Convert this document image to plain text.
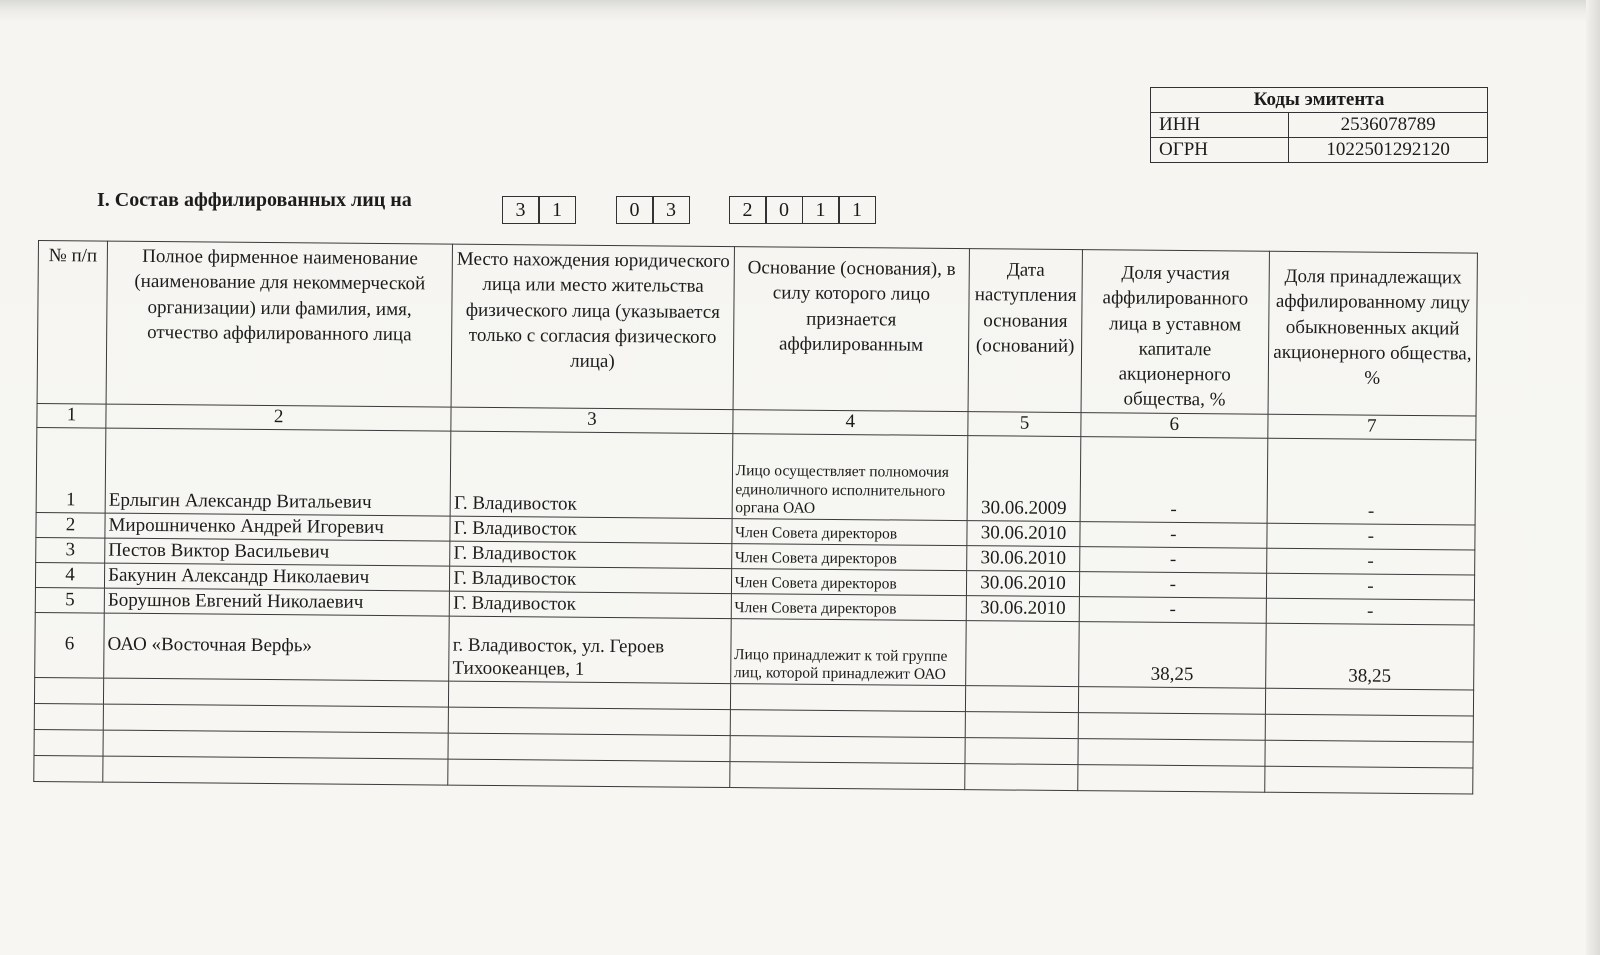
Коды эмитента	
ИНН	2536078789
ОГРН	1022501292120
I. Состав аффилированных лиц на	3	1	0	3	2	0	1	1
№ п/п	Полное фирменное наименование (наименование для некоммерческой организации) или фамилия, имя, отчество аффилированного лица	Место нахождения юридического лица или место жительства физического лица (указывается только с согласия физического лица)	Основание (основания), в силу которого лицо признается аффилированным	Дата наступления основания (оснований)	Доля участия аффилированного лица в уставном капитале акционерного общества, %	Доля принадлежащих аффилированному лицу обыкновенных акций акционерного общества, %
1	2	3	4	5	6	7
1	Ерлыгин Александр Витальевич	Г. Владивосток	Лицо осуществляет полномочия единоличного исполнительного органа ОАО	30.06.2009	-	-
2	Мирошниченко Андрей Игоревич	Г. Владивосток	Член Совета директоров	30.06.2010	-	-
3	Пестов Виктор Васильевич	Г. Владивосток	Член Совета директоров	30.06.2010	-	-
4	Бакунин Александр Николаевич	Г. Владивосток	Член Совета директоров	30.06.2010	-	-
5	Борушнов Евгений Николаевич	Г. Владивосток	Член Совета директоров	30.06.2010	-	-
6	ОАО «Восточная Верфь»	г. Владивосток, ул. Героев Тихоокеанцев, 1	Лицо принадлежит к той группе лиц, которой принадлежит ОАО		38,25	38,25
